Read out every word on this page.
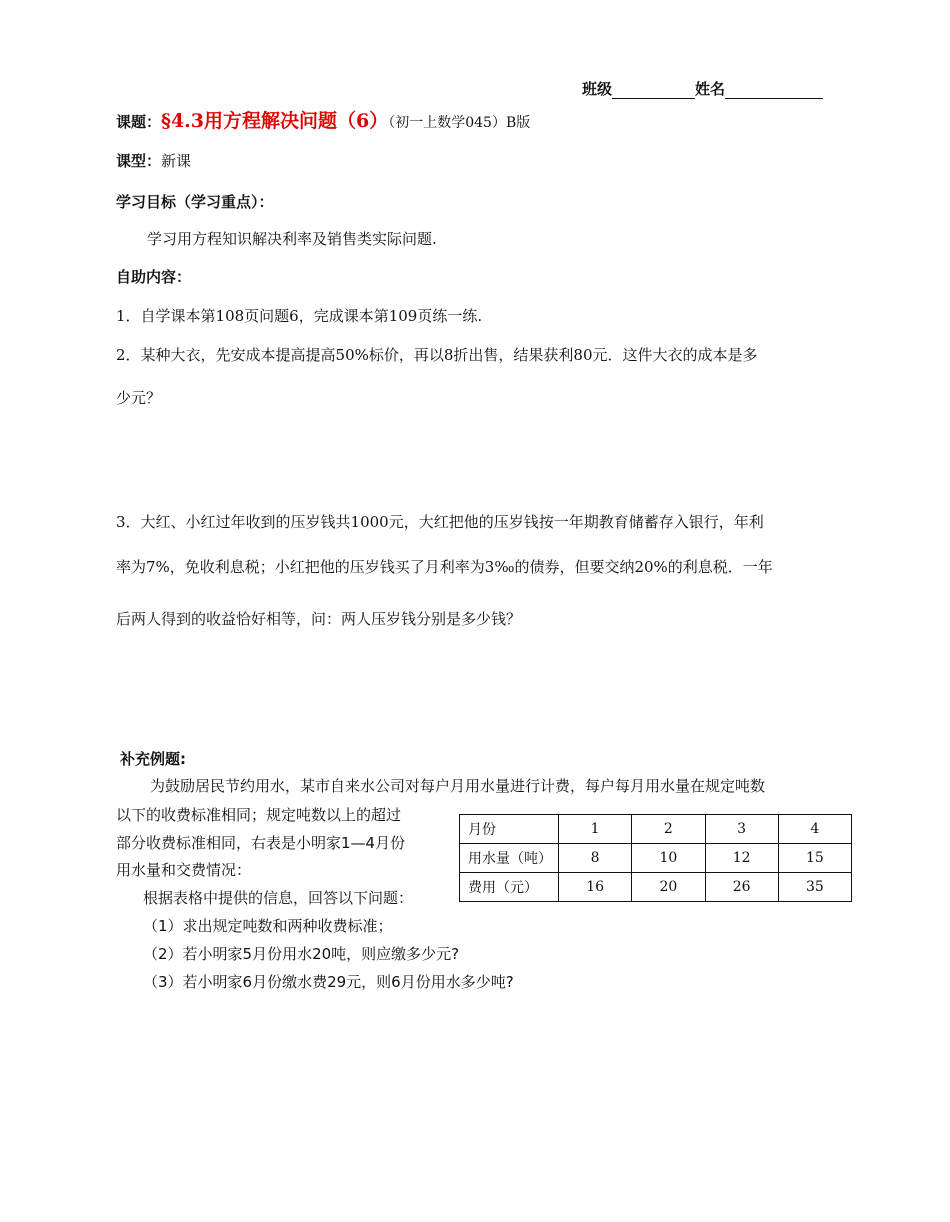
班级	姓名
课题：§4.3用方程解决问题（6）（初一上数学045）B版
课型：新课
学习目标（学习重点）：
学习用方程知识解决利率及销售类实际问题.
自助内容：
1．自学课本第108页问题6，完成课本第109页练一练.
2．某种大衣，先安成本提高提高50%标价，再以8折出售，结果获利80元．这件大衣的成本是多
少元？
3．大红、小红过年收到的压岁钱共1000元，大红把他的压岁钱按一年期教育储蓄存入银行，年利
率为7%，免收利息税；小红把他的压岁钱买了月利率为3‰的债券，但要交纳20%的利息税．一年
后两人得到的收益恰好相等，问：两人压岁钱分别是多少钱？
补充例题:
为鼓励居民节约用水，某市自来水公司对每户月用水量进行计费，每户每月用水量在规定吨数
以下的收费标准相同；规定吨数以上的超过
部分收费标准相同，右表是小明家1—4月份
用水量和交费情况：
根据表格中提供的信息，回答以下问题：
（1）求出规定吨数和两种收费标准；
（2）若小明家5月份用水20吨，则应缴多少元?
（3）若小明家6月份缴水费29元，则6月份用水多少吨?
月份	1	2	3	4
用水量（吨）	8	10	12	15
费用（元）	16	20	26	35
